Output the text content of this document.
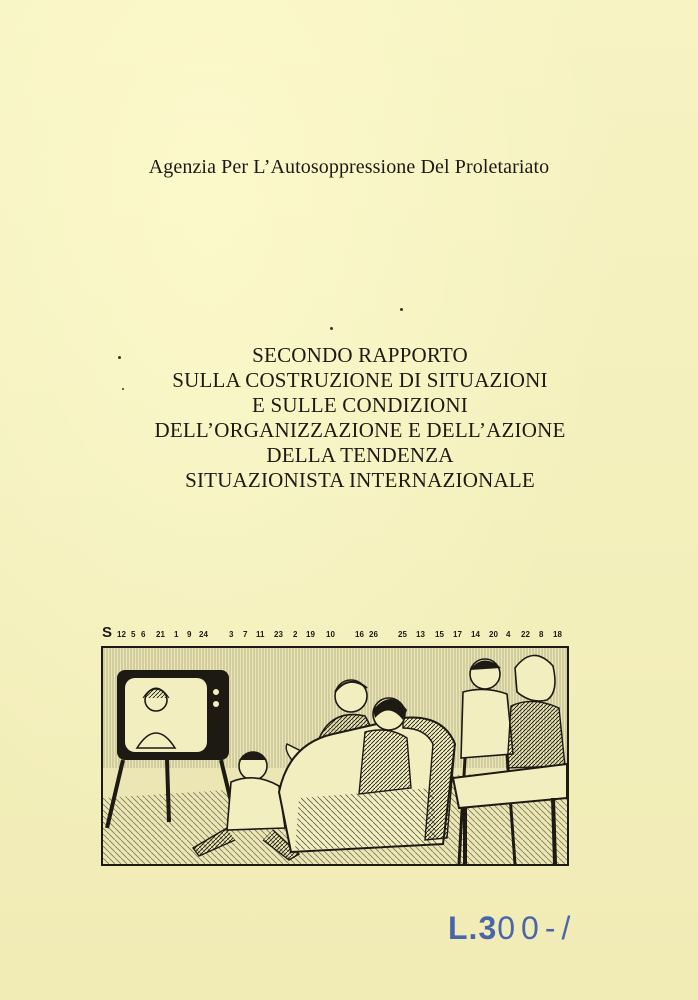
Agenzia Per L’Autosoppressione Del Proletariato
SECONDO RAPPORTO
SULLA COSTRUZIONE DI SITUAZIONI
E SULLE CONDIZIONI
DELL’ORGANIZZAZIONE E DELL’AZIONE
DELLA TENDENZA
SITUAZIONISTA INTERNAZIONALE
S 12 5 6 21 1 9 24	3 7 11 23 2 19 10	16 26	25 13 15 17 14 20 4 22 8 18
L.300-/
